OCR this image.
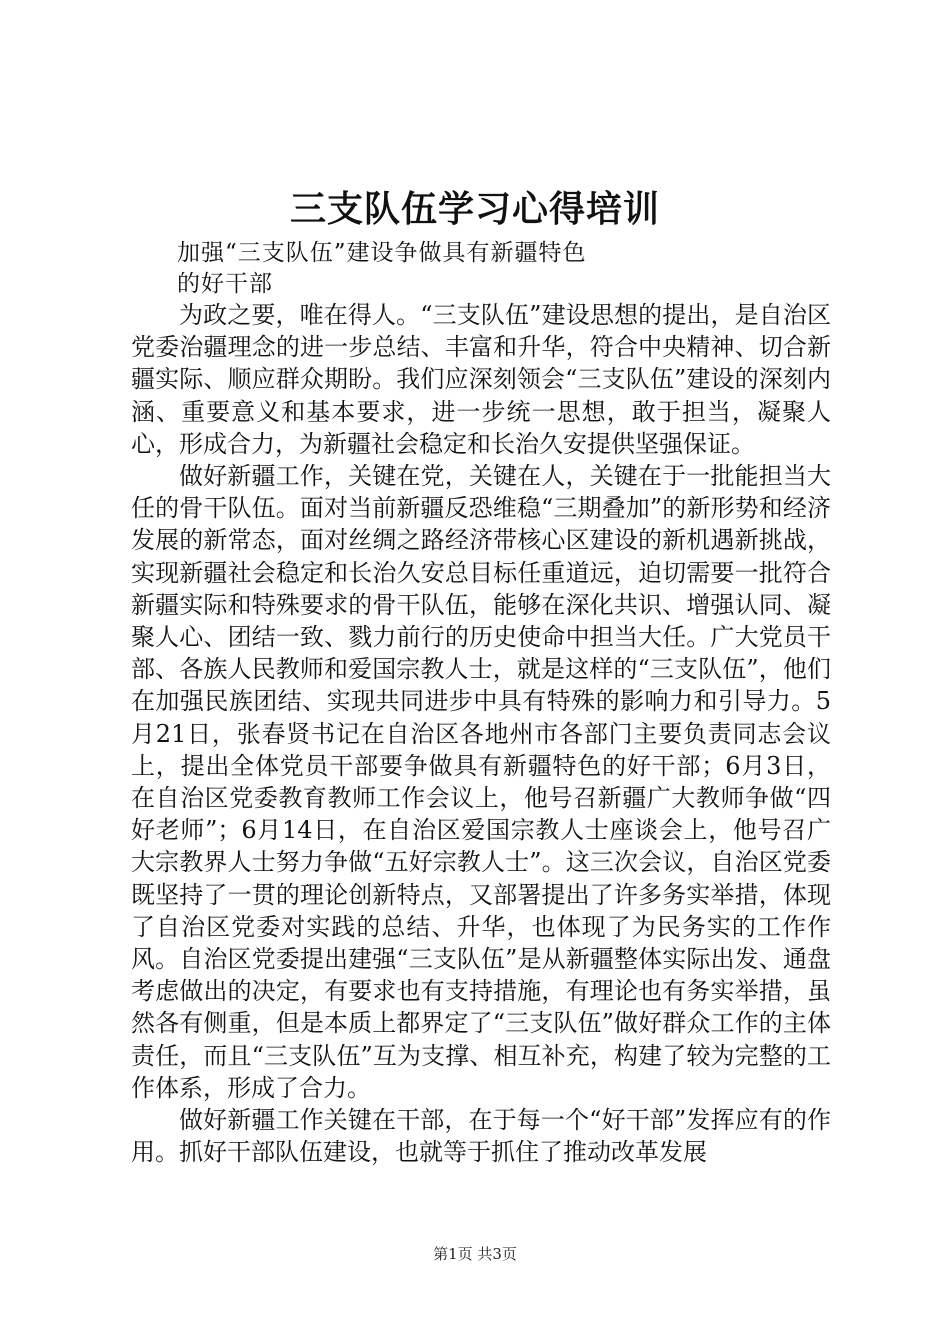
三支队伍学习心得培训
加强“三支队伍”建设争做具有新疆特色
的好干部

为政之要，唯在得人。“三支队伍”建设思想的提出，是自治区党委治疆理念的进一步总结、丰富和升华，符合中央精神、切合新疆实际、顺应群众期盼。我们应深刻领会“三支队伍”建设的深刻内涵、重要意义和基本要求，进一步统一思想，敢于担当，凝聚人心，形成合力，为新疆社会稳定和长治久安提供坚强保证。

做好新疆工作，关键在党，关键在人，关键在于一批能担当大任的骨干队伍。面对当前新疆反恐维稳“三期叠加”的新形势和经济发展的新常态，面对丝绸之路经济带核心区建设的新机遇新挑战，实现新疆社会稳定和长治久安总目标任重道远，迫切需要一批符合新疆实际和特殊要求的骨干队伍，能够在深化共识、增强认同、凝聚人心、团结一致、戮力前行的历史使命中担当大任。广大党员干部、各族人民教师和爱国宗教人士，就是这样的“三支队伍”，他们在加强民族团结、实现共同进步中具有特殊的影响力和引导力。5月21日，张春贤书记在自治区各地州市各部门主要负责同志会议上，提出全体党员干部要争做具有新疆特色的好干部；6月3日，在自治区党委教育教师工作会议上，他号召新疆广大教师争做“四好老师”；6月14日，在自治区爱国宗教人士座谈会上，他号召广大宗教界人士努力争做“五好宗教人士”。这三次会议，自治区党委既坚持了一贯的理论创新特点，又部署提出了许多务实举措，体现了自治区党委对实践的总结、升华，也体现了为民务实的工作作风。自治区党委提出建强“三支队伍”是从新疆整体实际出发、通盘考虑做出的决定，有要求也有支持措施，有理论也有务实举措，虽然各有侧重，但是本质上都界定了“三支队伍”做好群众工作的主体责任，而且“三支队伍”互为支撑、相互补充，构建了较为完整的工作体系，形成了合力。

做好新疆工作关键在干部，在于每一个“好干部”发挥应有的作用。抓好干部队伍建设，也就等于抓住了推动改革发展

第1页 共3页
